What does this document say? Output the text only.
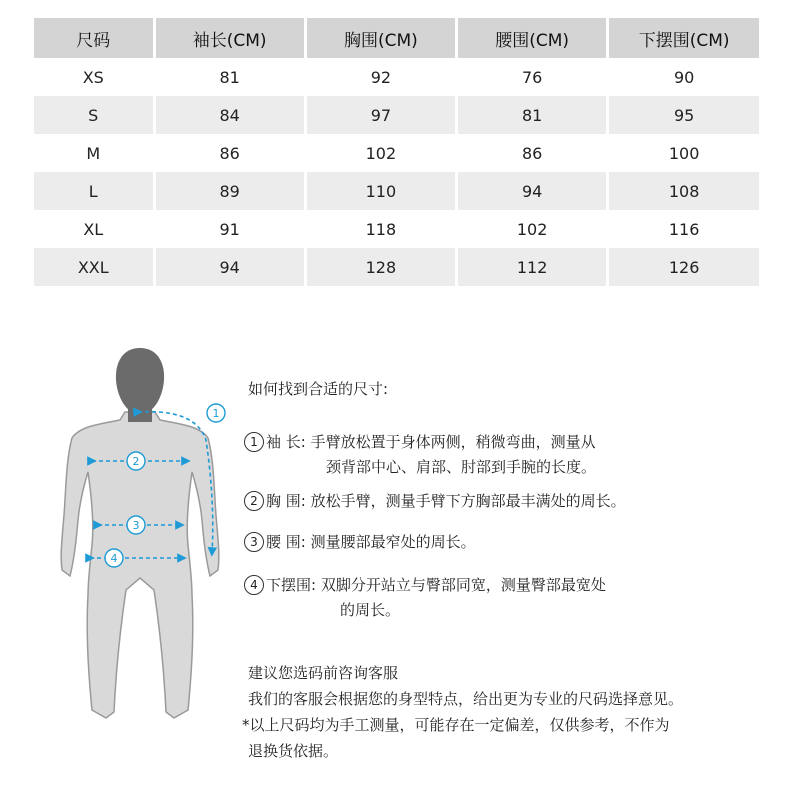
尺码	袖长(CM)	胸围(CM)	腰围(CM)	下摆围(CM)
XS	81	92	76	90
S	84	97	81	95
M	86	102	86	100
L	89	110	94	108
XL	91	118	102	116
XXL	94	128	112	126
1
2
3
4
如何找到合适的尺寸:
1 袖 长: 手臂放松置于身体两侧，稍微弯曲，测量从
颈背部中心、肩部、肘部到手腕的长度。
2 胸 围: 放松手臂，测量手臂下方胸部最丰满处的周长。
3 腰 围: 测量腰部最窄处的周长。
4 下摆围: 双脚分开站立与臀部同宽，测量臀部最宽处
的周长。
建议您选码前咨询客服
我们的客服会根据您的身型特点，给出更为专业的尺码选择意见。
*以上尺码均为手工测量，可能存在一定偏差，仅供参考，不作为
退换货依据。
